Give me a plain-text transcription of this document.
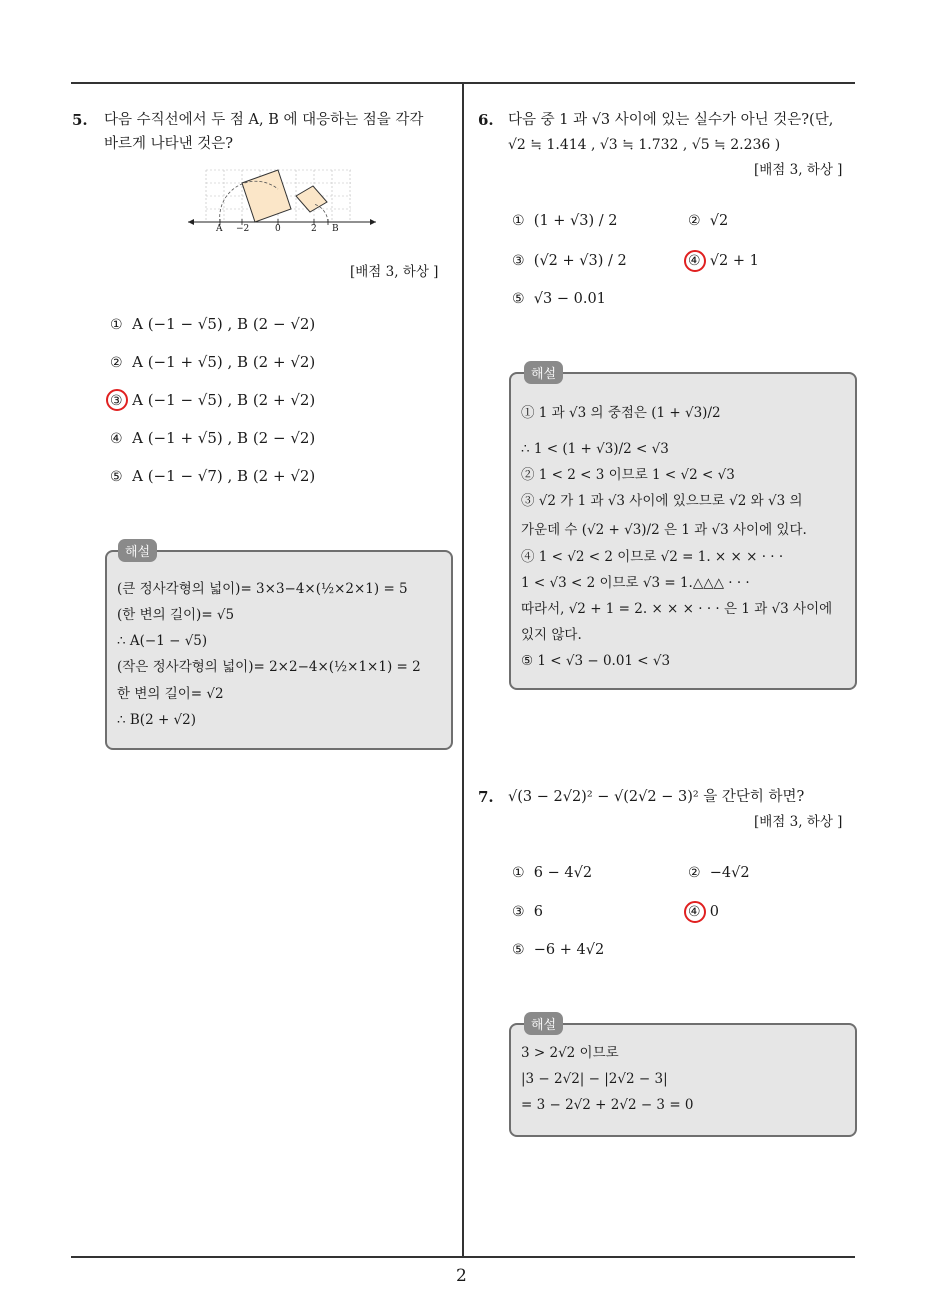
2
5. 다음 수직선에서 두 점 A, B 에 대응하는 점을 각각
바르게 나타낸 것은?
A −2	0	2 B
[배점 3, 하상 ]
① A (−1 − √5) , B (2 − √2)
② A (−1 + √5) , B (2 + √2)
③ A (−1 − √5) , B (2 + √2)
④ A (−1 + √5) , B (2 − √2)
⑤ A (−1 − √7) , B (2 + √2)
해설
(큰 정사각형의 넓이)= 3×3−4×(½×2×1) = 5
(한 변의 길이)= √5
∴ A(−1 − √5)
(작은 정사각형의 넓이)= 2×2−4×(½×1×1) = 2
한 변의 길이= √2
∴ B(2 + √2)
6. 다음 중 1 과 √3 사이에 있는 실수가 아닌 것은?(단,
√2 ≒ 1.414 , √3 ≒ 1.732 , √5 ≒ 2.236 )
[배점 3, 하상 ]
① (1 + √3) / 2	② √2
③ (√2 + √3) / 2	④ √2 + 1
⑤ √3 − 0.01
해설
① 1 과 √3 의 중점은 (1 + √3)/2
∴ 1 < (1 + √3)/2 < √3
② 1 < 2 < 3 이므로 1 < √2 < √3
③ √2 가 1 과 √3 사이에 있으므로 √2 와 √3 의
가운데 수 (√2 + √3)/2 은 1 과 √3 사이에 있다.
④ 1 < √2 < 2 이므로 √2 = 1. × × × · · ·
1 < √3 < 2 이므로 √3 = 1.△△△ · · ·
따라서, √2 + 1 = 2. × × × · · · 은 1 과 √3 사이에
있지 않다.
⑤ 1 < √3 − 0.01 < √3
7. √(3 − 2√2)² − √(2√2 − 3)² 을 간단히 하면?
[배점 3, 하상 ]
① 6 − 4√2	② −4√2
③ 6	④ 0
⑤ −6 + 4√2
해설
3 > 2√2 이므로
|3 − 2√2| − |2√2 − 3|
= 3 − 2√2 + 2√2 − 3 = 0
